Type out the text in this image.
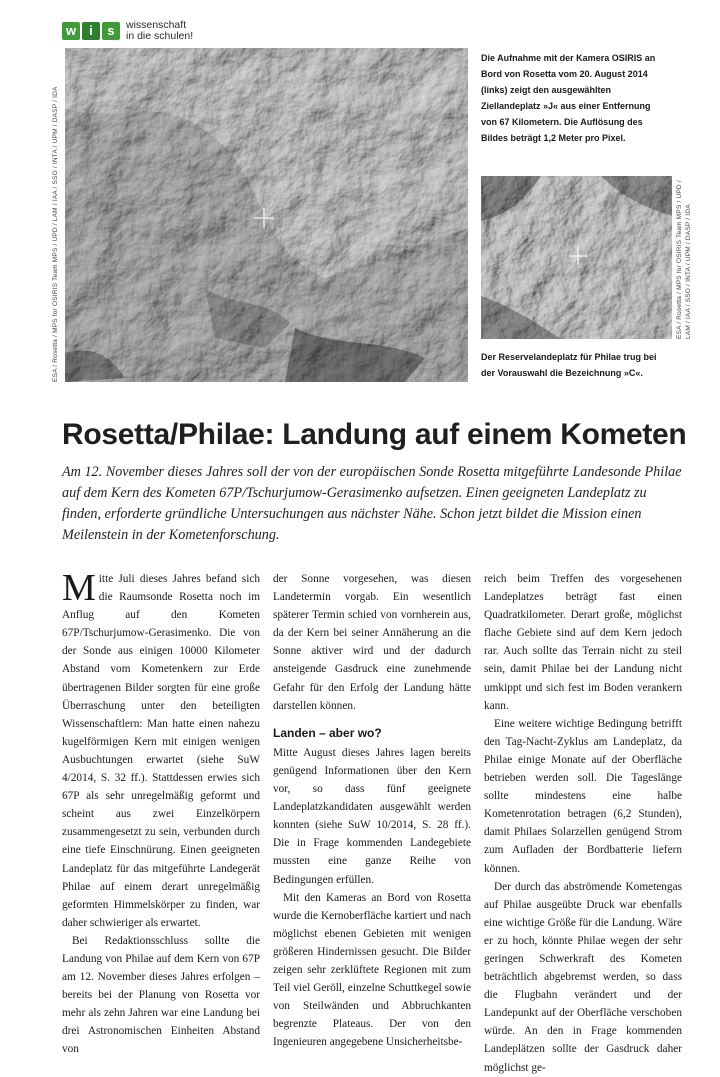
w	i	s	wissenschaft
in die schulen!
ESA / Rosetta / MPS for OSIRIS Team MPS / UPD / LAM / IAA / SSO / INTA / UPM / DASP / IDA
Die Aufnahme mit der Kamera OSIRIS an Bord von Rosetta vom 20. August 2014 (links) zeigt den ausgewählten Ziellandeplatz »J« aus einer Entfernung von 67 Kilometern. Die Auflösung des Bildes beträgt 1,2 Meter pro Pixel.
ESA / Rosetta / MPS for OSIRIS Team MPS / UPD / LAM / IAA / SSO / INTA / UPM / DASP / IDA
Der Reservelandeplatz für Philae trug bei der Vorauswahl die Bezeichnung »C«.
Rosetta/Philae: Landung auf einem Kometen
Am 12. November dieses Jahres soll der von der europäischen Sonde Rosetta mitgeführte Landesonde Philae auf dem Kern des Kometen 67P/Tschurjumow-Gerasimenko aufsetzen. Einen geeigneten Landeplatz zu finden, erforderte gründliche Untersuchungen aus nächster Nähe. Schon jetzt bildet die Mission einen Meilenstein in der Kometenforschung.

Mitte Juli dieses Jahres befand sich die Raumsonde Rosetta noch im Anflug auf den Kometen 67P/Tschurjumow-Gerasimenko. Die von der Sonde aus einigen 10000 Kilometer Abstand vom Kometenkern zur Erde übertragenen Bilder sorgten für eine große Überraschung unter den beteiligten Wissenschaftlern: Man hatte einen nahezu kugelförmigen Kern mit einigen wenigen Ausbuchtungen erwartet (siehe SuW 4/2014, S. 32 ff.). Stattdessen erwies sich 67P als sehr unregelmäßig geformt und scheint aus zwei Einzelkörpern zusammengesetzt zu sein, verbunden durch eine tiefe Einschnürung. Einen geeigneten Landeplatz für das mitgeführte Landegerät Philae auf einem derart unregelmäßig geformten Himmelskörper zu finden, war daher schwieriger als erwartet.

Bei Redaktionsschluss sollte die Landung von Philae auf dem Kern von 67P am 12. November dieses Jahres erfolgen – bereits bei der Planung von Rosetta vor mehr als zehn Jahren war eine Landung bei drei Astronomischen Einheiten Abstand von

der Sonne vorgesehen, was diesen Landetermin vorgab. Ein wesentlich späterer Termin schied von vornherein aus, da der Kern bei seiner Annäherung an die Sonne aktiver wird und der dadurch ansteigende Gasdruck eine zunehmende Gefahr für den Erfolg der Landung hätte darstellen können.

Landen – aber wo?

Mitte August dieses Jahres lagen bereits genügend Informationen über den Kern vor, so dass fünf geeignete Landeplatzkandidaten ausgewählt werden konnten (siehe SuW 10/2014, S. 28 ff.). Die in Frage kommenden Landegebiete mussten eine ganze Reihe von Bedingungen erfüllen.

Mit den Kameras an Bord von Rosetta wurde die Kernoberfläche kartiert und nach möglichst ebenen Gebieten mit wenigen größeren Hindernissen gesucht. Die Bilder zeigen sehr zerklüftete Regionen mit zum Teil viel Geröll, einzelne Schuttkegel sowie von Steilwänden und Abbruchkanten begrenzte Plateaus. Der von den Ingenieuren angegebene Unsicherheitsbe-

reich beim Treffen des vorgesehenen Landeplatzes beträgt fast einen Quadratkilometer. Derart große, möglichst flache Gebiete sind auf dem Kern jedoch rar. Auch sollte das Terrain nicht zu steil sein, damit Philae bei der Landung nicht umkippt und sich fest im Boden verankern kann.

Eine weitere wichtige Bedingung betrifft den Tag-Nacht-Zyklus am Landeplatz, da Philae einige Monate auf der Oberfläche betrieben werden soll. Die Tageslänge sollte mindestens eine halbe Kometenrotation betragen (6,2 Stunden), damit Philaes Solarzellen genügend Strom zum Aufladen der Bordbatterie liefern können.

Der durch das abströmende Kometengas auf Philae ausgeübte Druck war ebenfalls eine wichtige Größe für die Landung. Wäre er zu hoch, könnte Philae wegen der sehr geringen Schwerkraft des Kometen beträchtlich abgebremst werden, so dass die Flugbahn verändert und der Landepunkt auf der Oberfläche verschoben würde. An den in Frage kommenden Landeplätzen sollte der Gasdruck daher möglichst ge-
